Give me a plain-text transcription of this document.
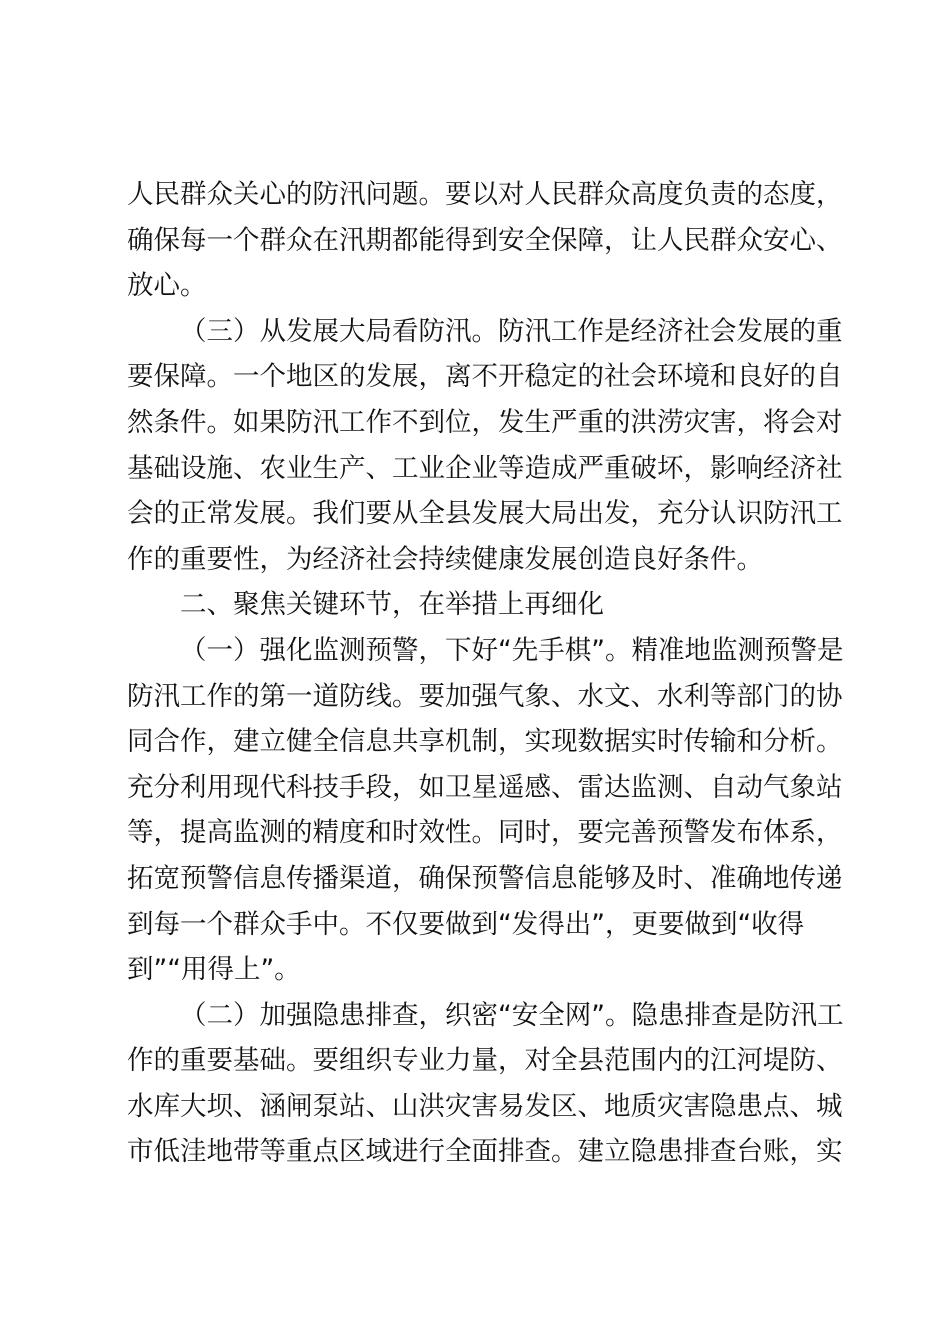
人民群众关心的防汛问题。要以对人民群众高度负责的态度，
确保每一个群众在汛期都能得到安全保障，让人民群众安心、
放心。
（三）从发展大局看防汛。防汛工作是经济社会发展的重
要保障。一个地区的发展，离不开稳定的社会环境和良好的自
然条件。如果防汛工作不到位，发生严重的洪涝灾害，将会对
基础设施、农业生产、工业企业等造成严重破坏，影响经济社
会的正常发展。我们要从全县发展大局出发，充分认识防汛工
作的重要性，为经济社会持续健康发展创造良好条件。
二、聚焦关键环节，在举措上再细化
（一）强化监测预警，下好“先手棋”。精准地监测预警是
防汛工作的第一道防线。要加强气象、水文、水利等部门的协
同合作，建立健全信息共享机制，实现数据实时传输和分析。
充分利用现代科技手段，如卫星遥感、雷达监测、自动气象站
等，提高监测的精度和时效性。同时，要完善预警发布体系，
拓宽预警信息传播渠道，确保预警信息能够及时、准确地传递
到每一个群众手中。不仅要做到“发得出”，更要做到“收得
到”“用得上”。
（二）加强隐患排查，织密“安全网”。隐患排查是防汛工
作的重要基础。要组织专业力量，对全县范围内的江河堤防、
水库大坝、涵闸泵站、山洪灾害易发区、地质灾害隐患点、城
市低洼地带等重点区域进行全面排查。建立隐患排查台账，实
